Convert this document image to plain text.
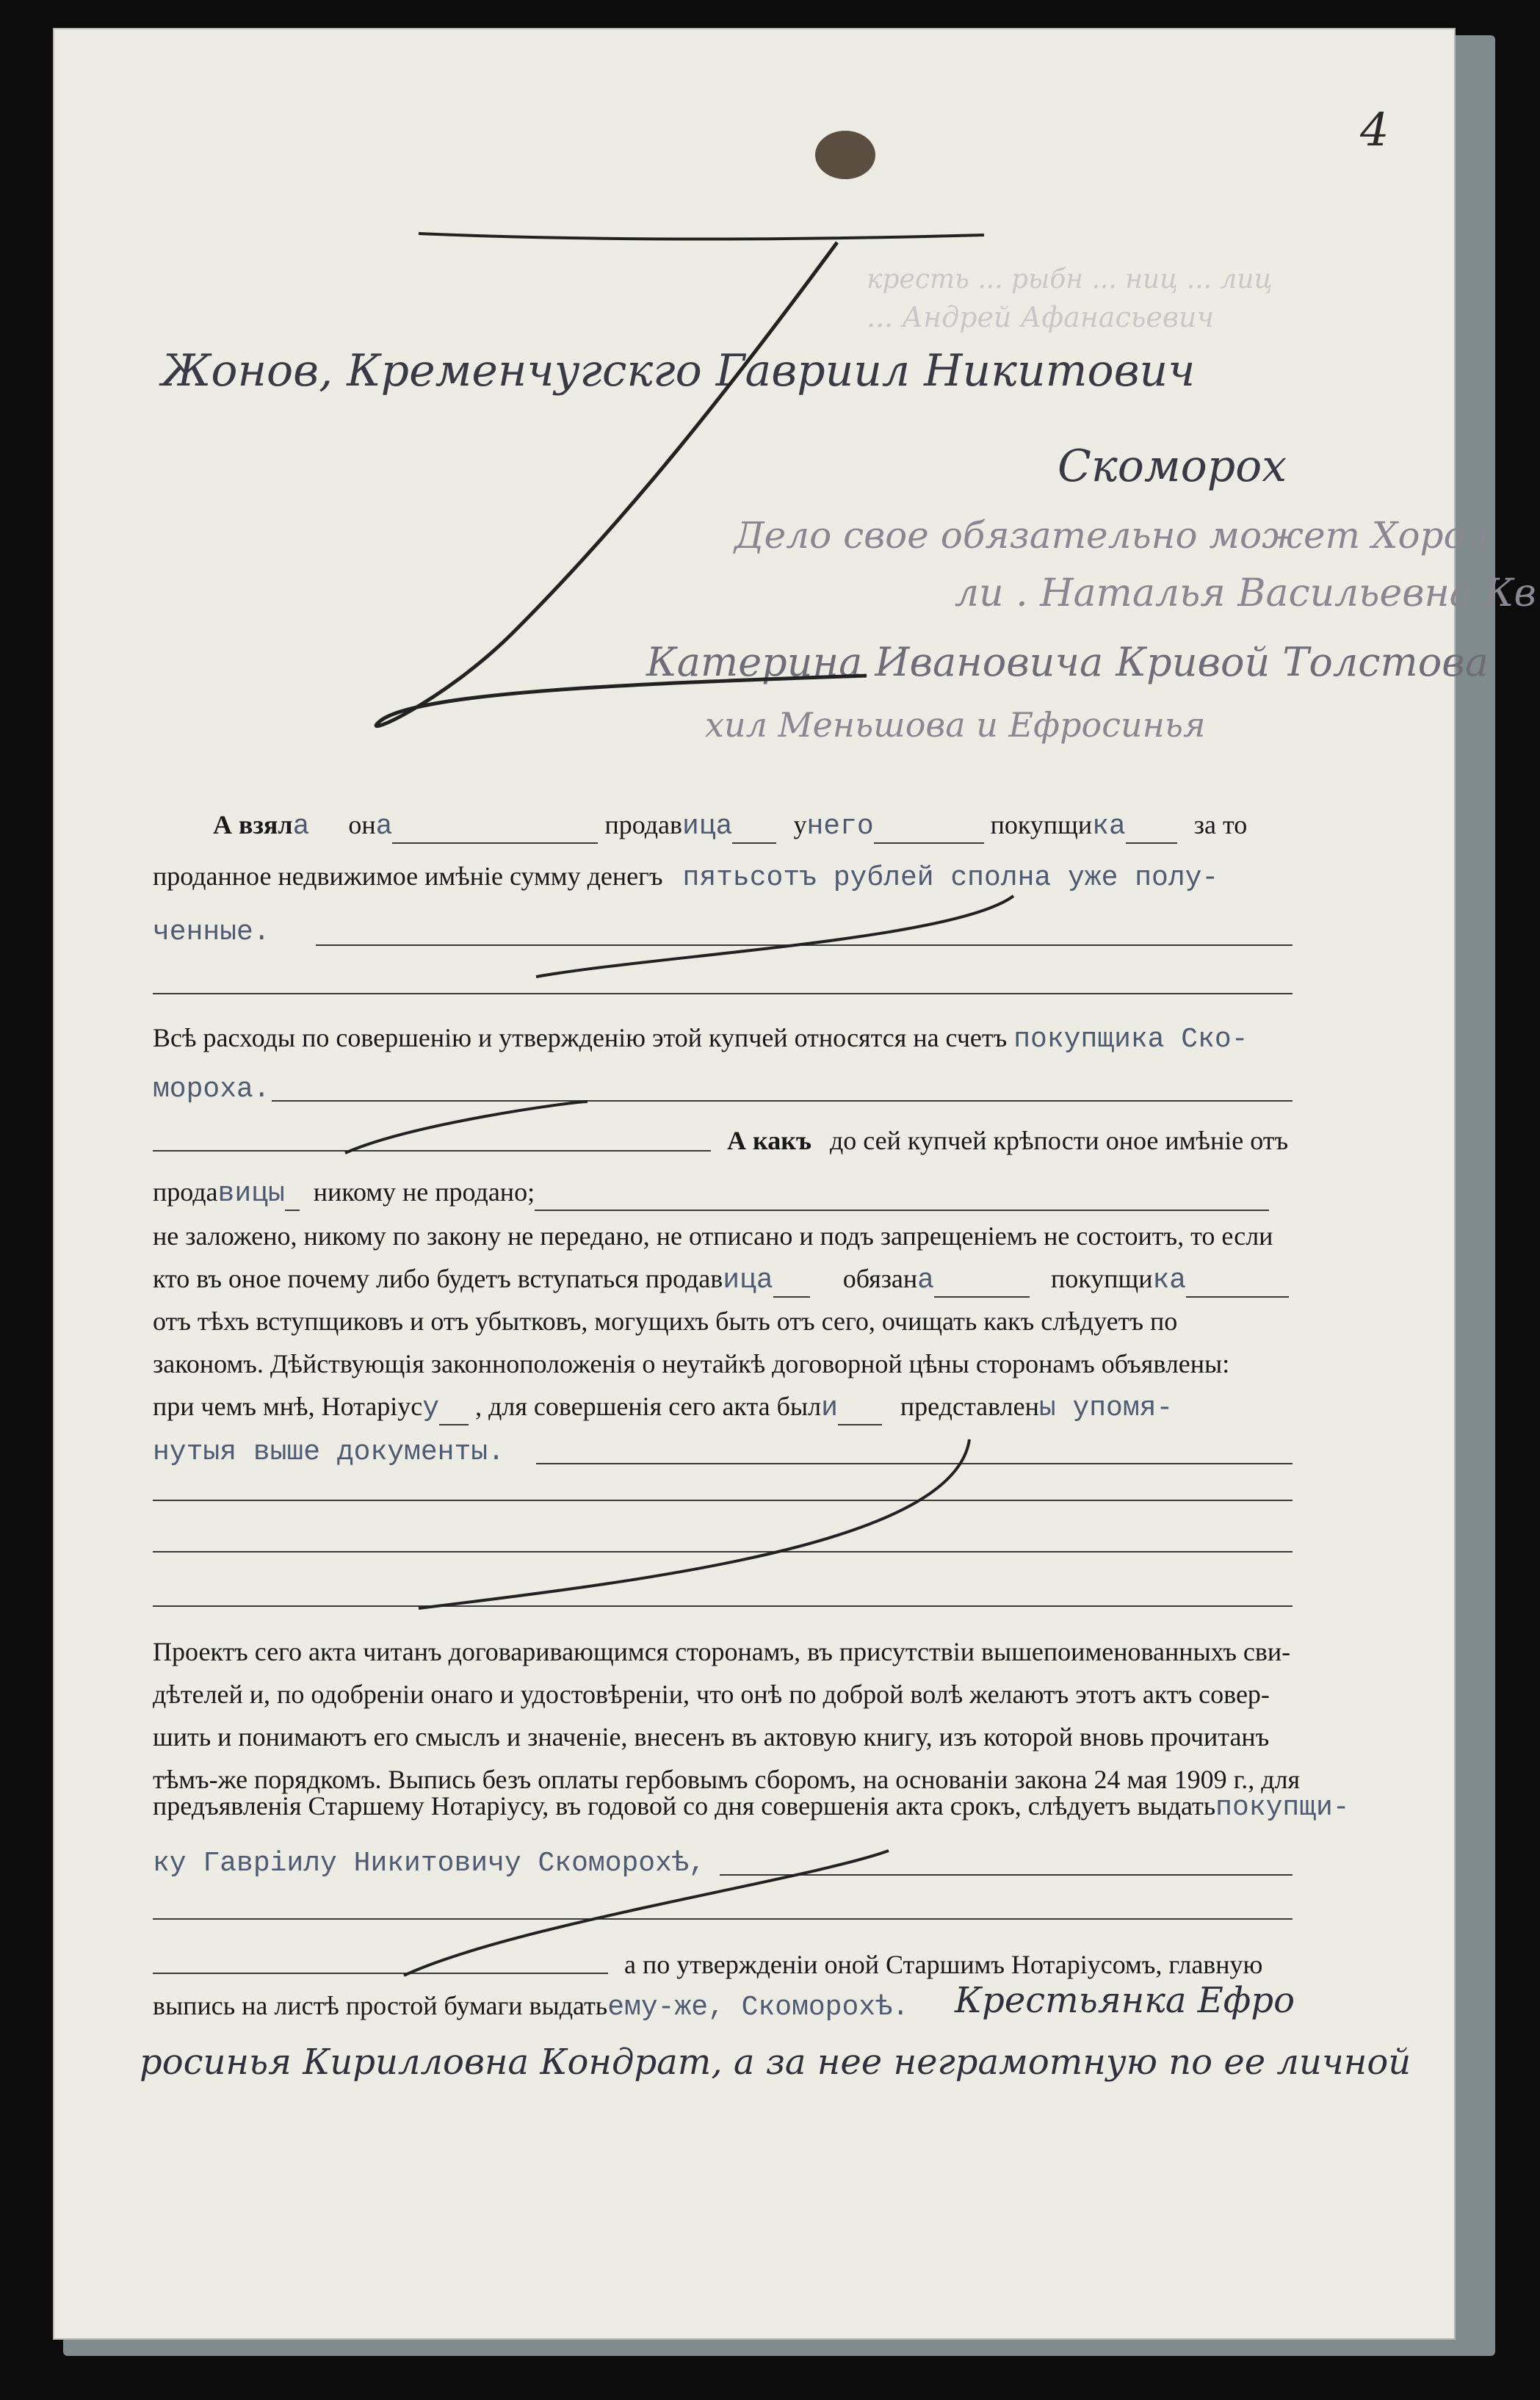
4
кресть ... рыбн ... ниц ... лиц
... Андрей Афанасьевич
Жонов, Кременчугскго Гавриил Никитович
Скоморох
Дело свое обязательно может Хорол
ли . Наталья Васильевна Кв
Катерина Ивановича Кривой Толстова
хил Меньшова и Ефросинья
А взяла она	продавица унего	покупщика	за то
проданное недвижимое имѣніе сумму денегъ пятьсотъ рублей сполна уже полу-
ченные.
Всѣ расходы по совершенію и утвержденію этой купчей относятся на счетъ покупщика Ско-
мороха.
А какъ до сей купчей крѣпости оное имѣніе отъ
продавицы никому не продано;
не заложено, никому по закону не передано, не отписано и подъ запрещеніемъ не состоитъ, то если
кто въ оное почему либо будетъ вступаться продавица	обязана	покупщика
отъ тѣхъ вступщиковъ и отъ убытковъ, могущихъ быть отъ сего, очищать какъ слѣдуетъ по
закономъ. Дѣйствующія законноположенія о неутайкѣ договорной цѣны сторонамъ объявлены:
при чемъ мнѣ, Нотаріусу , для совершенія сего акта были представлены упомя-
нутыя выше документы.
Проектъ сего акта читанъ договаривающимся сторонамъ, въ присутствіи вышепоименованныхъ сви-
дѣтелей и, по одобреніи онаго и удостовѣреніи, что онѣ по доброй волѣ желаютъ этотъ актъ совер-
шить и понимаютъ его смыслъ и значеніе, внесенъ въ актовую книгу, изъ которой вновь прочитанъ
тѣмъ-же порядкомъ. Выпись безъ оплаты гербовымъ сборомъ, на основаніи закона 24 мая 1909 г., для
предъявленія Старшему Нотаріусу, въ годовой со дня совершенія акта срокъ, слѣдуетъ выдатьпокупщи-
ку Гавріилу Никитовичу Скоморохѣ,
а по утвержденіи оной Старшимъ Нотаріусомъ, главную
выпись на листѣ простой бумаги выдатьему-же, Скоморохѣ. Крестьянка Ефро
росинья Кирилловна Кондрат, а за нее неграмотную по ее личной
